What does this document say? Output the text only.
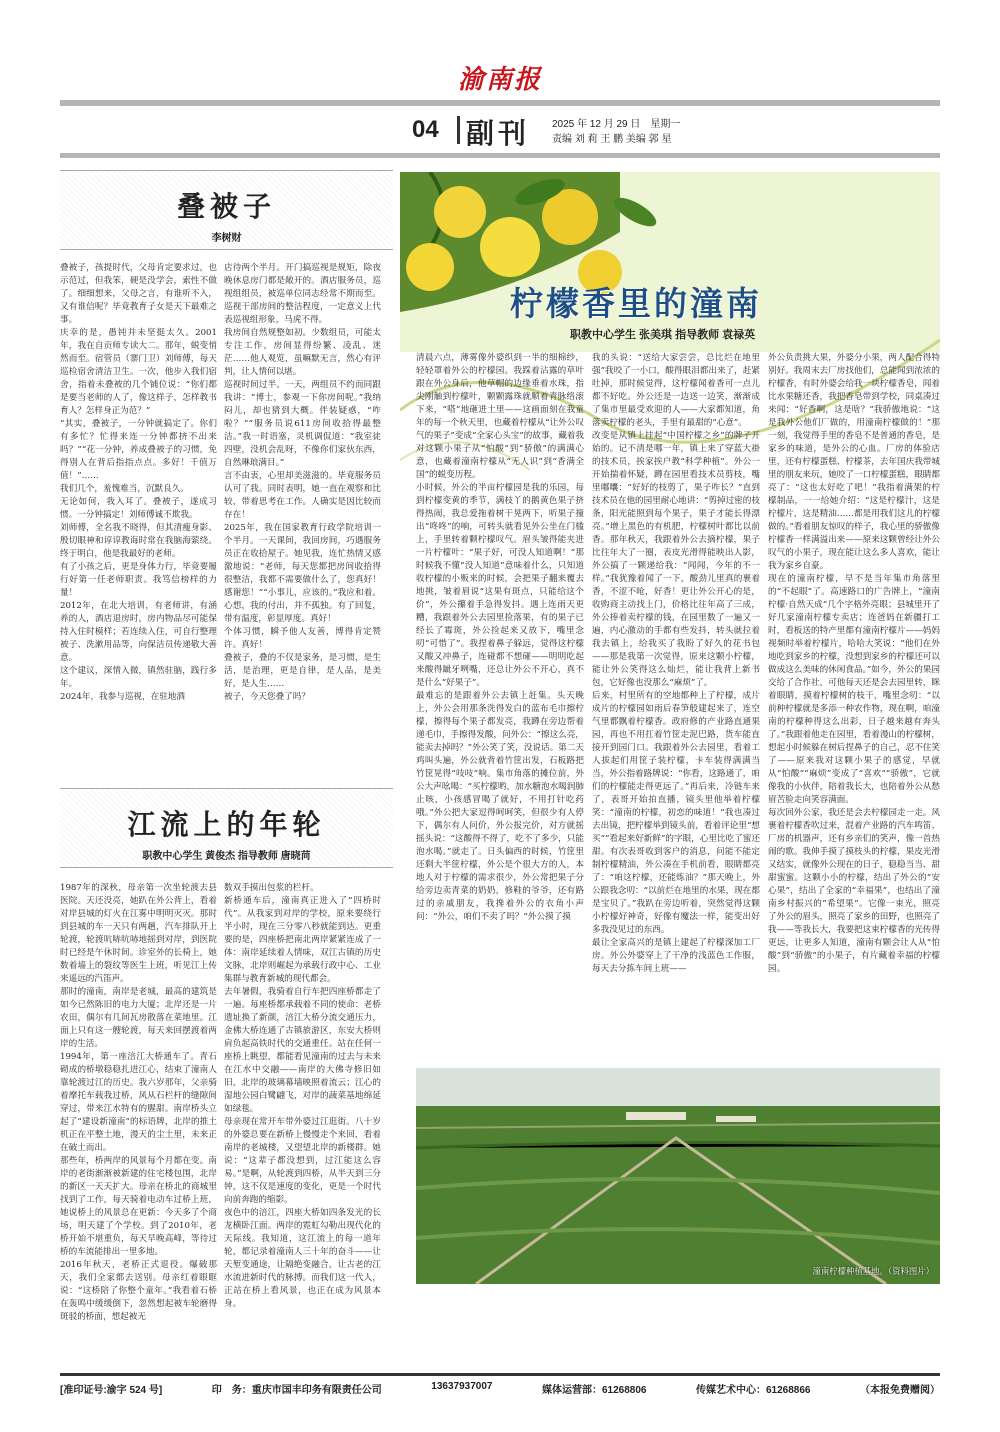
渝南报
04 副刊 2025 年 12 月 29 日　星期一
责编 刘 莉 王 鹏 美编 郭 星
叠被子
李树财
叠被子，孩提时代，父母肯定要求过，也示范过，但我笨，硬是没学会，索性不做了。细细想来，父母之言，有谁听不入，又有谁信呢？毕竟教育子女是天下最难之事。
庆幸的是，愚钝并未坚挺太久。2001年，我在自贡师专读大二。那年，蜕变悄然而至。宿管员（寨门卫）刘师傅，每天巡检宿舍清洁卫生。一次，他步入我们宿舍，指着未叠被的几个铺位说：“你们都是要当老师的人了，像这样子，怎样教书育人？怎样身正为范？”
“其实，叠被子，一分钟就搞定了。你们有多忙？忙得来连一分钟都挤不出来吗？”“花一分钟，养成叠被子的习惯，免得别人在背后指指点点。多好！千值万值！”……
我们几个，羞愧难当，沉默良久。
无论如何，我入耳了。叠被子，遂成习惯。一分钟搞定！刘师傅诚不欺我。
刘师傅，全名我不晓得，但其清瘦身影、殷切眼神和谆谆教诲时常在我脑海萦绕。终于明白，他是我最好的老师。
有了小孩之后，更是身体力行，毕竟要履行好第一任老师职责。我笃信榜样的力量！
2012年，在北大培训，有老师讲，有涵养的人，酒店退房时，房内物品尽可能保持入住时模样；若连续入住，可自行整理被子、洗漱用品等，向保洁员传递敬大善意。
这个建议，深情入微，镇然驻脑，践行多年。
2024年，我参与巡视，在驻地酒
店待两个半月。开门搞巡视是规矩，除夜晚休息房门都是敞开的。酒店服务员，巡视组组员，被巡单位同志经常不期而至。巡视干部房间的整洁程度，一定意义上代表巡视组形象，马虎不得。
我房间自然规整如初。少数组员，可能太专注工作，房间显得纷繁、凌乱、迷茫……他人观览，虽嘛默无言，然心有评判，让人情何以堪。
巡视时间过半。一天，两组员不约而同跟我讲：“博士，参观一下你房间呢。”我纳闷儿，却也猜到大概。伴装疑惑，“咋啦？”“服务员说611房间收拾得最整洁。”我一时语塞，灵机调侃道：“我室徒四壁，没机会乱呀，不像你们家伙东西，自然琳琅满目。”
言不由衷，心里却美滋滋的。毕竟服务员认可了我。同时表明，她一直在观察和比较，带着思考在工作。人确实是因比较而存在！
2025年，我在国家教育行政学院培训一个半月。一天课间，我回房间，巧遇服务员正在收拾屋子。她见我，连忙热情又感激地说：“老师，每天您都把房间收拾得很整洁，我都不需要做什么了，您真好！感谢您！”“小事儿，应该的。”我应和着。心想，我的付出，并不孤独。有了回复，带有温度，彰显厚度。真好！
个体习惯，瞬予他人友善，博得肯定赞许。真好！
叠被子，叠的不仅是家务，是习惯，是生活，是治理，更是自律，是人品，是美好，是人生……
被子，今天您叠了吗？
江流上的年轮
职教中心学生 黄俊杰 指导教师 唐晓苘
1987年的深秋，母亲第一次坐轮渡去县医院。天还没亮，她趴在外公背上，看着对岸县城的灯火在江雾中明明灭灭。那时到县城的车一天只有两趟，汽车排队开上轮渡，轮渡吭哧吭哧地摇到对岸，到医院时已经是午休时间。诊室外的长椅上，她数着墙上的裂纹等医生上班，听见江上传来遥远的汽笛声。
那时的潼南，南岸是老城，最高的建筑是如今已然陈旧的电力大厦；北岸还是一片农田，偶尔有几间瓦房散落在菜地里。江面上只有这一艘轮渡，每天来回摆渡着两岸的生活。
1994年，第一座涪江大桥通车了。青石砌成的桥墩稳稳扎进江心，结束了潼南人靠轮渡过江的历史。我六岁那年，父亲骑着摩托车载我过桥，风从石栏杆的缝隙间穿过，带来江水特有的腥甜。南岸桥头立起了“建设新潼南”的标语牌，北岸的推土机正在平整土地，漫天的尘土里，未来正在破土而出。
那些年，桥两岸的风景每个月都在变。南岸的老街渐渐被新建的住宅楼包围，北岸的新区一天天扩大。母亲在桥北的商城里找到了工作，每天骑着电动车过桥上班，她说桥上的风景总在更新：今天多了个商场，明天建了个学校。到了2010年，老桥开始不堪重负，每天早晚高峰，等待过桥的车流能排出一里多地。
2016年秋天，老桥正式退役。爆破那天，我们全家都去送别。母亲红着眼眶说：“这桥陪了你整个童年。”我看着石桥在轰鸣中缓缓倒下，忽然想起被车轮磨得斑驳的桥面，想起被无
数双手摸出包浆的栏杆。
新桥通车后，潼南真正进入了“四桥时代”。从我家到对岸的学校，原来要绕行半小时，现在三分零八秒就能到达。更重要的是，四座桥把南北两岸紧紧连成了一体：南岸延续着人情味，双江古镇的历史文脉，北岸则崛起为承载行政中心、工业集群与教育新城的现代都会。
去年暑假，我骑着自行车把四座桥都走了一遍。每座桥都承载着不同的使命：老桥遗址换了新颜，涪江大桥分流交通压力，金佛大桥连通了古镇旅游区，东安大桥则肩负起高铁时代的交通重任。站在任何一座桥上眺望，都能看见潼南的过去与未来在江水中交融——南岸的大佛寺修旧如旧，北岸的玻璃幕墙映照着流云；江心的湿地公园白鹭翩飞，对岸的蔬菜基地绵延如绿毯。
母亲现在常开车带外婆过江逛街。八十岁的外婆总要在新桥上慢慢走个来回，看着南岸的老城楼，又望望北岸的新楼群。她说：“这辈子都没想到，过江能这么容易。”是啊，从轮渡到四桥，从半天到三分钟，这不仅是速度的变化，更是一个时代向前奔跑的缩影。
夜色中的涪江，四座大桥如四条发光的长龙横卧江面。两岸的霓虹勾勒出现代化的天际线。我知道，这江流上的每一道年轮，都记录着潼南人三十年的奋斗——让天堑变通途，让隔绝变融合，让古老的江水流进新时代的脉搏。而我们这一代人，正站在桥上看风景，也正在成为风景本身。
柠檬香里的潼南
职教中心学生 张美琪 指导教师 袁禄英
清晨六点，薄雾像外婆织到一半的细棉纱，轻轻罩着外公的柠檬园。我踩着沾露的草叶跟在外公身后，他草帽的边缘垂着水珠，指尖刚触到柠檬叶，颗颗露珠就顺着青脉络滚下来，“嗒”地砸进土里——这画面刻在我童年的每一个秋天里，也藏着柠檬从“让外公叹气的果子”变成“全家心头宝”的故事，藏着我对这颗小果子从“怕酸”到“骄傲”的满满心意，也藏着潼南柠檬从“无人识”到“香满全国”的蜕变历程。
小时候，外公的半亩柠檬园是我的乐园，每到柠檬变黄的季节，满枝丫的鹅黄色果子挤得热闹，我总爱拖着树干晃两下，听果子撞出“咚咚”的响，可转头就看见外公坐在门槛上，手里转着颗柠檬叹气。眉头皱得能夹进一片柠檬叶：“果子好，可没人知道啊！”那时候我不懂“没人知道”意味着什么，只知道收柠檬的小贩来的时候，会把果子翻来覆去地挑，皱着眉说“这果有斑点，只能给这个价”，外公攥着手急得发抖。遇上连雨天更糟，我跟着外公去园里捡落果，有的果子已经长了霉斑，外公捡起来又放下，嘴里念叨“可惜了”。我捏着鼻子躲远，觉得这柠檬又酸又冲鼻子，连碰都不想碰——明明吃起来酸得龇牙咧嘴，还总让外公不开心，真不是什么“好果子”。
最难忘的是跟着外公去镇上赶集。头天晚上，外公会用那条洗得发白的蓝布毛巾擦柠檬，擦得每个果子都发亮，我蹲在旁边帮着递毛巾，手擦得发酸，问外公：“擦这么亮，能卖去掉吗？”外公笑了笑，没说话。第二天鸡叫头遍，外公就背着竹筐出发，石板路把竹筐晃得“吱吱”响。集市角落的摊位前，外公大声吆喝：“买柠檬哟，加水糖泡水喝润肺止咳，小孩感冒喝了就好，不用打针吃药哦。”外公把大家逗得呵呵笑，但很少有人停下，偶尔有人问价，外公报完价，对方就摇摇头说：“这酸得不得了，吃不了多少，只能泡水喝。”就走了。日头偏西的时候，竹筐里还剩大半筐柠檬，外公是个很大方的人，本地人对于柠檬的需求很少，外公常把果子分给旁边卖青菜的奶奶，修鞋的爷爷，还有路过的亲戚朋友，我搀着外公的衣角小声问：“外公，咱们不卖了吗？”外公摸了摸
我的头说：“送给大家尝尝，总比烂在地里强”我咬了一小口，酸得眼泪都出来了，赶紧吐掉，那时候觉得，这柠檬闻着香可一点儿都不好吃。外公还是一边送一边笑，渐渐成了集市里最受欢迎的人——大家都知道，角落卖柠檬的老头，手里有最甜的“心意”。
改变是从镇上挂起“中国柠檬之乡”的牌子开始的。记不清是哪一年，镇上来了穿蓝大褂的技术员，挨家挨户教“科学种植”。外公一开始揣着怀疑，蹲在园里看技术员剪枝，嘴里嘟囔：“好好的枝剪了，果子咋长？”直到技术员在他的园里耐心地讲：“剪掉过密的枝条，阳光能照到每个果子，果子才能长得漂亮。”增上黑色的有机肥，柠檬树叶都比以前香。那年秋天，我跟着外公去摘柠檬，果子比往年大了一圈，表皮光滑得能映出人影，外公搞了一颗递给我：“闻闻，今年的不一样。”我犹豫着闻了一下，酸劲儿里真的裹着香，不涩不呛，好香！更让外公开心的是，收购商主动找上门，价格比往年高了三成，外公捧着卖柠檬的钱，在园里数了一遍又一遍，内心激动的手都有些发抖，转头就拉着我去镇上，给我买了我盼了好久的花书包——那是我第一次觉得，原来这颗小柠檬，能让外公笑得这么灿烂，能让我背上新书包，它好像也没那么“麻烦”了。
后来，村里所有的空地都种上了柠檬，成片成片的柠檬园如雨后春笋般建起来了，连空气里都飘着柠檬香。政府修的产业路直通果园，再也不用扛着竹筐走泥巴路，货车能直接开到园门口。我跟着外公去园里，看着工人拔起们用筐子装柠檬，卡车装得满满当当，外公指着路牌说：“你看，这路通了，咱们的柠檬能走得更远了。”再后来，冷链车来了，表哥开始拍直播，镜头里他举着柠檬笑：“潼南的柠檬，初恋的味道！”我也凑过去出镜，把柠檬举到镜头前，看着评论里“想买”“看起来好新鲜”的字眼，心里比吃了蜜还甜。有次表哥收到客户的消息，问能不能定制柠檬精油，外公凑在手机前看，眼睛都亮了：“咱这柠檬，还能炼油？”那天晚上，外公跟我念叨：“以前烂在地里的水果，现在都是宝贝了。”我趴在旁边听着，突然觉得这颗小柠檬好神奇，好像有魔法一样，能变出好多我没见过的东西。
最让全家高兴的是镇上建起了柠檬深加工厂房。外公外婆穿上了干净的浅蓝色工作服，每天去分拣车间上班——
外公负责挑大果，外婆分小果，两人配合得特别好。我周末去厂房找他们，总能闻到浓浓的柠檬香，有时外婆会给我一块柠檬香皂，闻着比水果糖还香，我把香皂带到学校，同桌凑过来闻：“好香啊，这是啥？”我骄傲地说：“这是我外公他们厂做的，用潼南柠檬做的！”那一刻，我觉得手里的香皂不是普通的香皂，是家乡的味道，是外公的心血。厂房的体验店里，还有柠檬蛋糕、柠檬茶，去年国庆我带城里的朋友来玩，她咬了一口柠檬蛋糕，眼睛都亮了：“这也太好吃了吧！”我指着满架的柠檬制品，一一给她介绍：“这是柠檬汁，这是柠檬片，这是精油……都是用我们这儿的柠檬做的。”看着朋友惊叹的样子，我心里的骄傲像柠檬香一样满溢出来——原来这颗曾经让外公叹气的小果子，现在能让这么多人喜欢，能让我为家乡自豪。
现在的潼南柠檬，早不是当年集市角落里的“不起眼”了。高速路口的广告牌上，“潼南柠檬·自然天成”几个字格外亮眼；县城里开了好几家潼南柠檬专卖店；连爸妈在新疆打工时，看板送的特产里都有潼南柠檬片——妈妈视频时举着柠檬片，哈哈大笑说：“他们在外地吃到家乡的柠檬，没想到家乡的柠檬还可以做成这么美味的休闲食品。”如今，外公的果园交给了合作社，可他每天还是会去园里转，眯着眼睛，摸着柠檬树的枝干，嘴里念叨：“以前种柠檬就是多添一种农作物，现在啊，咱潼南的柠檬种得这么出彩，日子越来越有奔头了。”我跟着他走在园里，看着漫山的柠檬树，想起小时候躲在树后捏鼻子的自己，忍不住笑了——原来我对这颗小果子的感觉，早就从“怕酸”“麻烦”变成了“喜欢”“骄傲”，它就像我的小伙伴，陪着我长大，也陪着外公从愁眉苦脸走向笑容满面。
每次回外公家，我还是会去柠檬园走一走。风裹着柠檬香吹过来，混着产业路的汽车鸣笛、厂房的机器声，还有乡亲们的笑声，像一首热闹的歌。我伸手摸了摸枝头的柠檬，果皮光滑又结实，就像外公现在的日子，稳稳当当、甜甜蜜蜜。这颗小小的柠檬，结出了外公的“安心果”，结出了全家的“幸福果”，也结出了潼南乡村振兴的“希望果”。它像一束光，照亮了外公的眉头，照亮了家乡的田野，也照亮了我——等我长大，我要把这束柠檬香的光传得更远，让更多人知道，潼南有颗会让人从“怕酸”到“骄傲”的小果子，有片藏着幸福的柠檬园。
潼南柠檬种植基地。（资料图片）
[准印证号:渝字 524 号]	印　务：重庆市国丰印务有限责任公司	13637937007	媒体运营部：61268806	传媒艺术中心：61268866	（本报免费赠阅）
